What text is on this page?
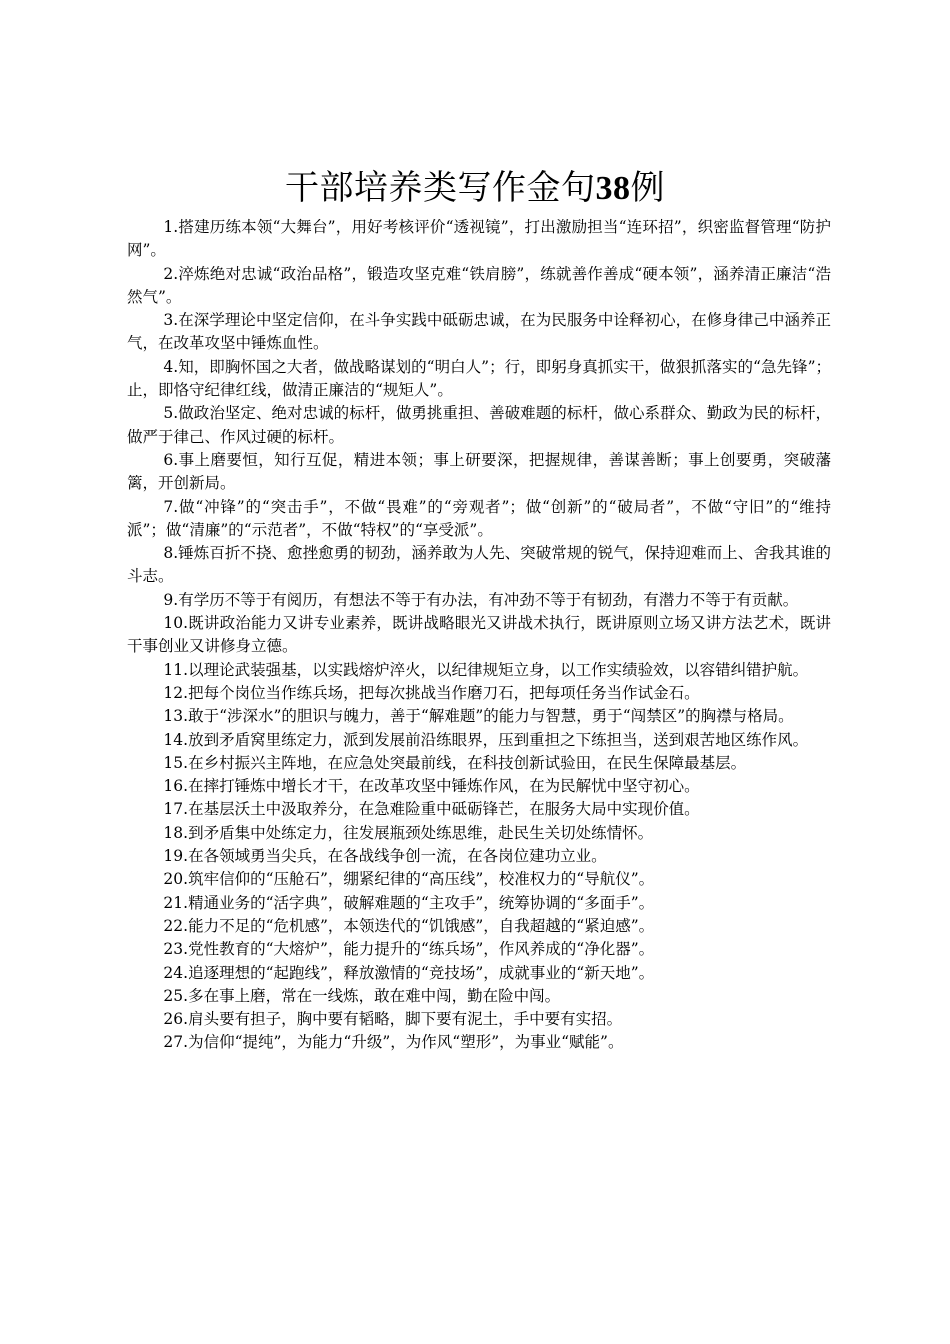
干部培养类写作金句38例

1.搭建历练本领“大舞台”，用好考核评价“透视镜”，打出激励担当“连环招”，织密监督管理“防护网”。

2.淬炼绝对忠诚“政治品格”，锻造攻坚克难“铁肩膀”，练就善作善成“硬本领”，涵养清正廉洁“浩然气”。

3.在深学理论中坚定信仰，在斗争实践中砥砺忠诚，在为民服务中诠释初心，在修身律己中涵养正气，在改革攻坚中锤炼血性。

4.知，即胸怀国之大者，做战略谋划的“明白人”；行，即躬身真抓实干，做狠抓落实的“急先锋”；止，即恪守纪律红线，做清正廉洁的“规矩人”。

5.做政治坚定、绝对忠诚的标杆，做勇挑重担、善破难题的标杆，做心系群众、勤政为民的标杆，做严于律己、作风过硬的标杆。

6.事上磨要恒，知行互促，精进本领；事上研要深，把握规律，善谋善断；事上创要勇，突破藩篱，开创新局。

7.做“冲锋”的“突击手”，不做“畏难”的“旁观者”；做“创新”的“破局者”，不做“守旧”的“维持派”；做“清廉”的“示范者”，不做“特权”的“享受派”。

8.锤炼百折不挠、愈挫愈勇的韧劲，涵养敢为人先、突破常规的锐气，保持迎难而上、舍我其谁的斗志。

9.有学历不等于有阅历，有想法不等于有办法，有冲劲不等于有韧劲，有潜力不等于有贡献。

10.既讲政治能力又讲专业素养，既讲战略眼光又讲战术执行，既讲原则立场又讲方法艺术，既讲干事创业又讲修身立德。

11.以理论武装强基，以实践熔炉淬火，以纪律规矩立身，以工作实绩验效，以容错纠错护航。

12.把每个岗位当作练兵场，把每次挑战当作磨刀石，把每项任务当作试金石。

13.敢于“涉深水”的胆识与魄力，善于“解难题”的能力与智慧，勇于“闯禁区”的胸襟与格局。

14.放到矛盾窝里练定力，派到发展前沿练眼界，压到重担之下练担当，送到艰苦地区练作风。

15.在乡村振兴主阵地，在应急处突最前线，在科技创新试验田，在民生保障最基层。

16.在摔打锤炼中增长才干，在改革攻坚中锤炼作风，在为民解忧中坚守初心。

17.在基层沃土中汲取养分，在急难险重中砥砺锋芒，在服务大局中实现价值。

18.到矛盾集中处练定力，往发展瓶颈处练思维，赴民生关切处练情怀。

19.在各领域勇当尖兵，在各战线争创一流，在各岗位建功立业。

20.筑牢信仰的“压舱石”，绷紧纪律的“高压线”，校准权力的“导航仪”。

21.精通业务的“活字典”，破解难题的“主攻手”，统筹协调的“多面手”。

22.能力不足的“危机感”，本领迭代的“饥饿感”，自我超越的“紧迫感”。

23.党性教育的“大熔炉”，能力提升的“练兵场”，作风养成的“净化器”。

24.追逐理想的“起跑线”，释放激情的“竞技场”，成就事业的“新天地”。

25.多在事上磨，常在一线炼，敢在难中闯，勤在险中闯。

26.肩头要有担子，胸中要有韬略，脚下要有泥土，手中要有实招。

27.为信仰“提纯”，为能力“升级”，为作风“塑形”，为事业“赋能”。
